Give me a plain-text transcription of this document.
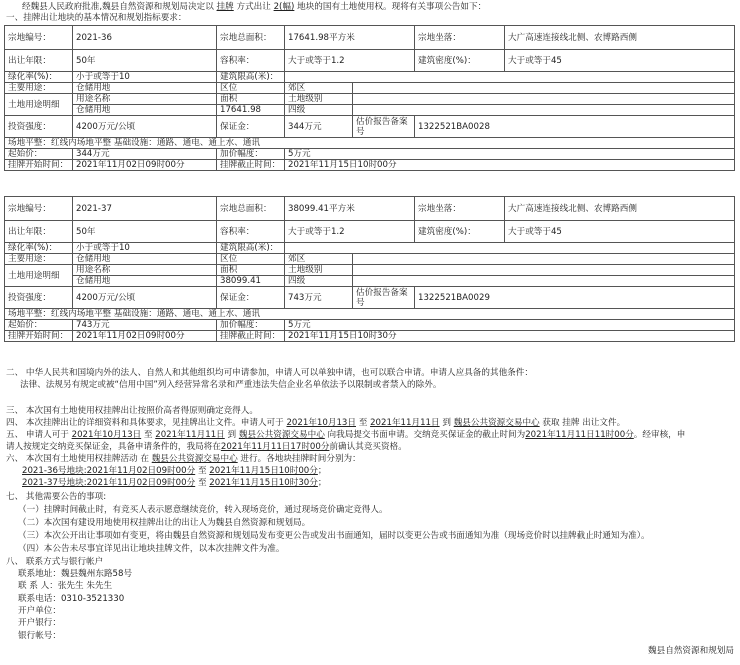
经魏县人民政府批准,魏县自然资源和规划局决定以 挂牌 方式出让 2(幅) 地块的国有土地使用权。现将有关事项公告如下：
一、挂牌出让地块的基本情况和规划指标要求：
宗地编号：	2021-36	宗地总面积：	17641.98平方米		宗地坐落：	大广高速连接线北侧、农博路西侧
出让年限：	50年	容积率：	大于或等于1.2		建筑密度(%)：	大于或等于45
绿化率(%)：	小于或等于10	建筑限高(米)：				
主要用途：	仓储用地	区位	郊区			
土地用途明细	用途名称	面积	土地级别			
	仓储用地	17641.98	四级			
投资强度：	4200万元/公顷	保证金：	344万元	估价报告备案号	1322521BA0028	
场地平整：红线内场地平整 基础设施：通路、通电、通上水、通讯						
起始价：	344万元	加价幅度：	5万元			
挂牌开始时间：	2021年11月02日09时00分	挂牌截止时间：	2021年11月15日10时00分			
宗地编号：	2021-37	宗地总面积：	38099.41平方米		宗地坐落：	大广高速连接线北侧、农博路西侧
出让年限：	50年	容积率：	大于或等于1.2		建筑密度(%)：	大于或等于45
绿化率(%)：	小于或等于10	建筑限高(米)：				
主要用途：	仓储用地	区位	郊区			
土地用途明细	用途名称	面积	土地级别			
	仓储用地	38099.41	四级			
投资强度：	4200万元/公顷	保证金：	743万元	估价报告备案号	1322521BA0029	
场地平整：红线内场地平整 基础设施：通路、通电、通上水、通讯						
起始价：	743万元	加价幅度：	5万元			
挂牌开始时间：	2021年11月02日09时00分	挂牌截止时间：	2021年11月15日10时30分			
二、 中华人民共和国境内外的法人、自然人和其他组织均可申请参加，申请人可以单独申请，也可以联合申请。申请人应具备的其他条件：
法律、法规另有规定或被“信用中国”列入经营异常名录和严重违法失信企业名单依法予以限制或者禁入的除外。
三、 本次国有土地使用权挂牌出让按照价高者得原则确定竞得人。
四、 本次挂牌出让的详细资料和具体要求，见挂牌出让文件。申请人可于 2021年10月13日 至 2021年11月11日 到 魏县公共资源交易中心 获取 挂牌 出让文件。
五、 申请人可于 2021年10月13日 至 2021年11月11日 到 魏县公共资源交易中心 向我局提交书面申请。交纳竞买保证金的截止时间为2021年11月11日11时00分。经审核，申
请人按规定交纳竞买保证金，具备申请条件的，我局将在2021年11月11日17时00分前确认其竞买资格。
六、 本次国有土地使用权挂牌活动 在 魏县公共资源交易中心 进行。各地块挂牌时间分别为：
2021-36号地块:2021年11月02日09时00分 至 2021年11月15日10时00分；
2021-37号地块:2021年11月02日09时00分 至 2021年11月15日10时30分；
七、 其他需要公告的事项:
（一）挂牌时间截止时，有竞买人表示愿意继续竞价，转入现场竞价，通过现场竞价确定竞得人。
（二）本次国有建设用地使用权挂牌出让的出让人为魏县自然资源和规划局。
（三）本次公开出让事项如有变更，将由魏县自然资源和规划局发布变更公告或发出书面通知，届时以变更公告或书面通知为准（现场竞价时以挂牌截止时通知为准）。
（四）本公告未尽事宜详见出让地块挂牌文件，以本次挂牌文件为准。
八、 联系方式与银行帐户
联系地址：魏县魏州东路58号
联 系 人：张先生 朱先生
联系电话：0310-3521330
开户单位：
开户银行：
银行帐号：
魏县自然资源和规划局
